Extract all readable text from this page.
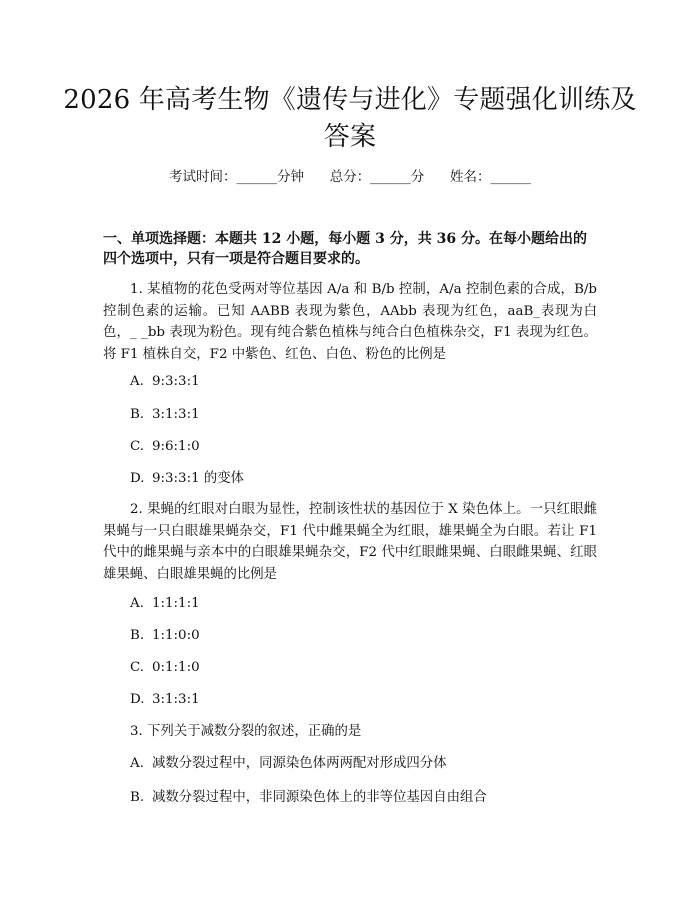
2026 年高考生物《遗传与进化》专题强化训练及答案
考试时间：______分钟      总分：______分      姓名：______
一、单项选择题：本题共 12 小题，每小题 3 分，共 36 分。在每小题给出的四个选项中，只有一项是符合题目要求的。
1. 某植物的花色受两对等位基因 A/a 和 B/b 控制，A/a 控制色素的合成，B/b 控制色素的运输。已知 AABB 表现为紫色，AAbb 表现为红色，aaB_表现为白色，_ _bb 表现为粉色。现有纯合紫色植株与纯合白色植株杂交，F1 表现为红色。将 F1 植株自交，F2 中紫色、红色、白色、粉色的比例是
A. 9:3:3:1
B. 3:1:3:1
C. 9:6:1:0
D. 9:3:3:1 的变体
2. 果蝇的红眼对白眼为显性，控制该性状的基因位于 X 染色体上。一只红眼雌果蝇与一只白眼雄果蝇杂交，F1 代中雌果蝇全为红眼，雄果蝇全为白眼。若让 F1 代中的雌果蝇与亲本中的白眼雄果蝇杂交，F2 代中红眼雌果蝇、白眼雌果蝇、红眼雄果蝇、白眼雄果蝇的比例是
A. 1:1:1:1
B. 1:1:0:0
C. 0:1:1:0
D. 3:1:3:1
3. 下列关于减数分裂的叙述，正确的是
A. 减数分裂过程中，同源染色体两两配对形成四分体
B. 减数分裂过程中，非同源染色体上的非等位基因自由组合
